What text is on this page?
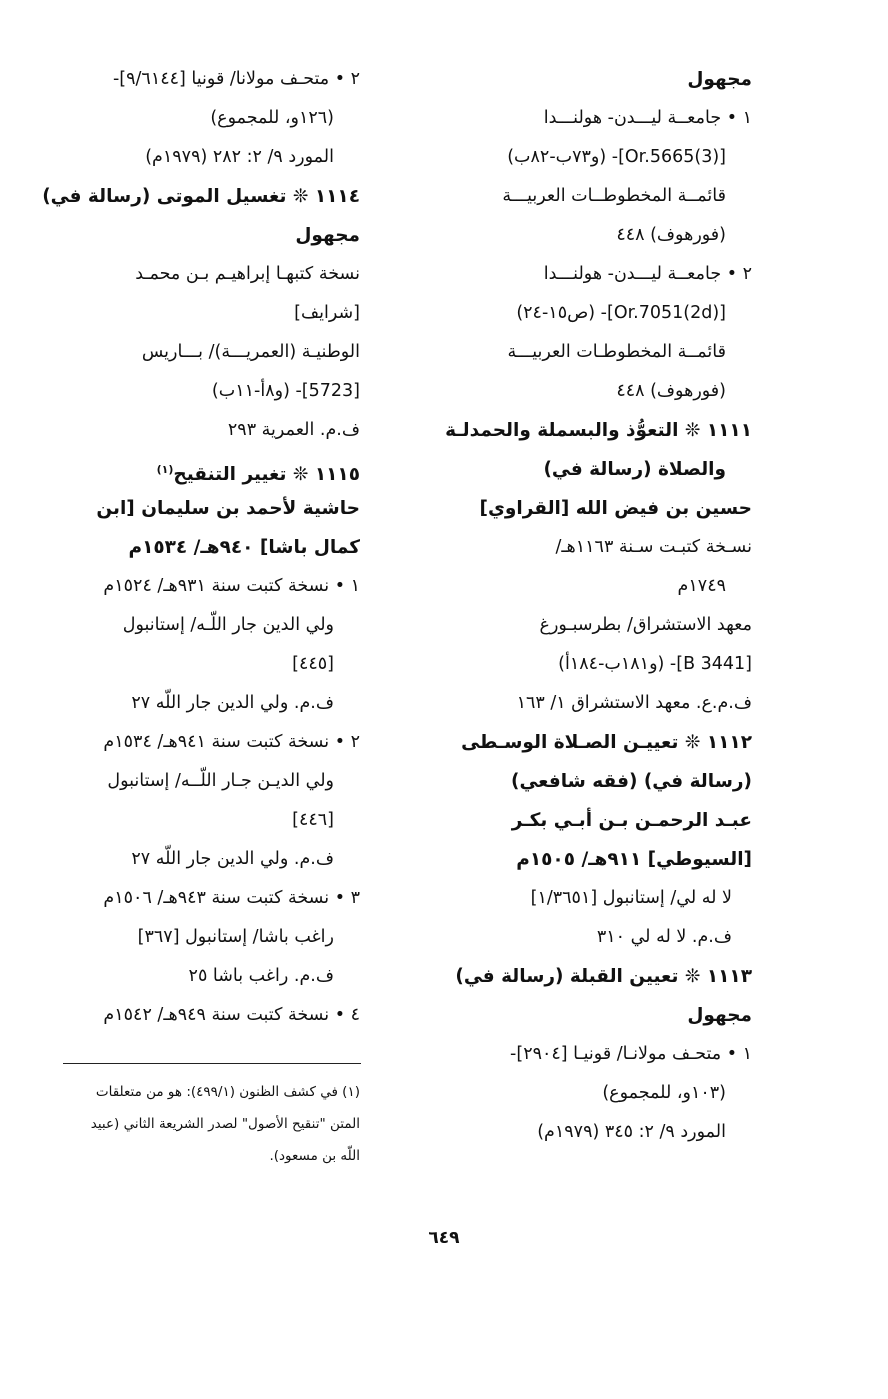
مجهول
١ • جامعــة ليـــدن- هولنـــدا
[Or.5665(3)]- (و٧٣ب-٨٢ب)
قائمــة المخطوطــات العربيـــة
(فورهوف) ٤٤٨
٢ • جامعــة ليـــدن- هولنـــدا
[Or.7051(2d)]- (ص١٥-٢٤)
قائمــة المخطوطـات العربيـــة
(فورهوف) ٤٤٨
١١١١ ❊ التعوُّذ والبسملة والحمدلـة
والصلاة (رسالة في)
حسين بن فيض الله [القراوي]
نسـخة كتبـت سـنة ١١٦٣هـ/
١٧٤٩م
معهد الاستشراق/ بطرسبـورغ
[B 3441]- (و١٨١ب-١٨٤أ)
ف.م.ع. معهد الاستشراق ١/ ١٦٣
١١١٢ ❊ تعييـن الصـلاة الوسـطى
(رسالة في) (فقه شافعي)
عبـد الرحمـن بـن أبـي بكـر
[السيوطي] ٩١١هـ/ ١٥٠٥م
لا له لي/ إستانبول [١/٣٦٥١]
ف.م. لا له لي ٣١٠
١١١٣ ❊ تعيين القبلة (رسالة في)
مجهول
١ • متحـف مولانـا/ قونيـا [٢٩٠٤]-
(١٠٣و، للمجموع)
المورد ٩/ ٢: ٣٤٥ (١٩٧٩م)
٢ • متحـف مولانا/ قونيا [٩/٦١٤٤]-
(١٢٦و، للمجموع)
المورد ٩/ ٢: ٢٨٢ (١٩٧٩م)
١١١٤ ❊ تغسيل الموتى (رسالة في)
مجهول
نسخة كتبهـا إبراهيـم بـن محمـد
[شرايف]
الوطنيـة (العمريـــة)/ بـــاريس
[5723]- (و٨أ-١١ب)
ف.م. العمرية ٢٩٣
١١١٥ ❊ تغيير التنقيح$^{(١)}$
حاشية لأحمد بن سليمان [ابن
كمال باشا] ٩٤٠هـ/ ١٥٣٤م
١ • نسخة كتبت سنة ٩٣١هـ/ ١٥٢٤م
ولي الدين جار اللّـه/ إستانبول
[٤٤٥]
ف.م. ولي الدين جار اللّه ٢٧
٢ • نسخة كتبت سنة ٩٤١هـ/ ١٥٣٤م
ولي الديـن جـار اللّــه/ إستانبول
[٤٤٦]
ف.م. ولي الدين جار اللّه ٢٧
٣ • نسخة كتبت سنة ٩٤٣هـ/ ١٥٠٦م
راغب باشا/ إستانبول [٣٦٧]
ف.م. راغب باشا ٢٥
٤ • نسخة كتبت سنة ٩٤٩هـ/ ١٥٤٢م
(١) في كشف الظنون (٤٩٩/١): هو من متعلقات
المتن "تنقيح الأصول" لصدر الشريعة الثاني (عبيد
اللّه بن مسعود).
٦٤٩
